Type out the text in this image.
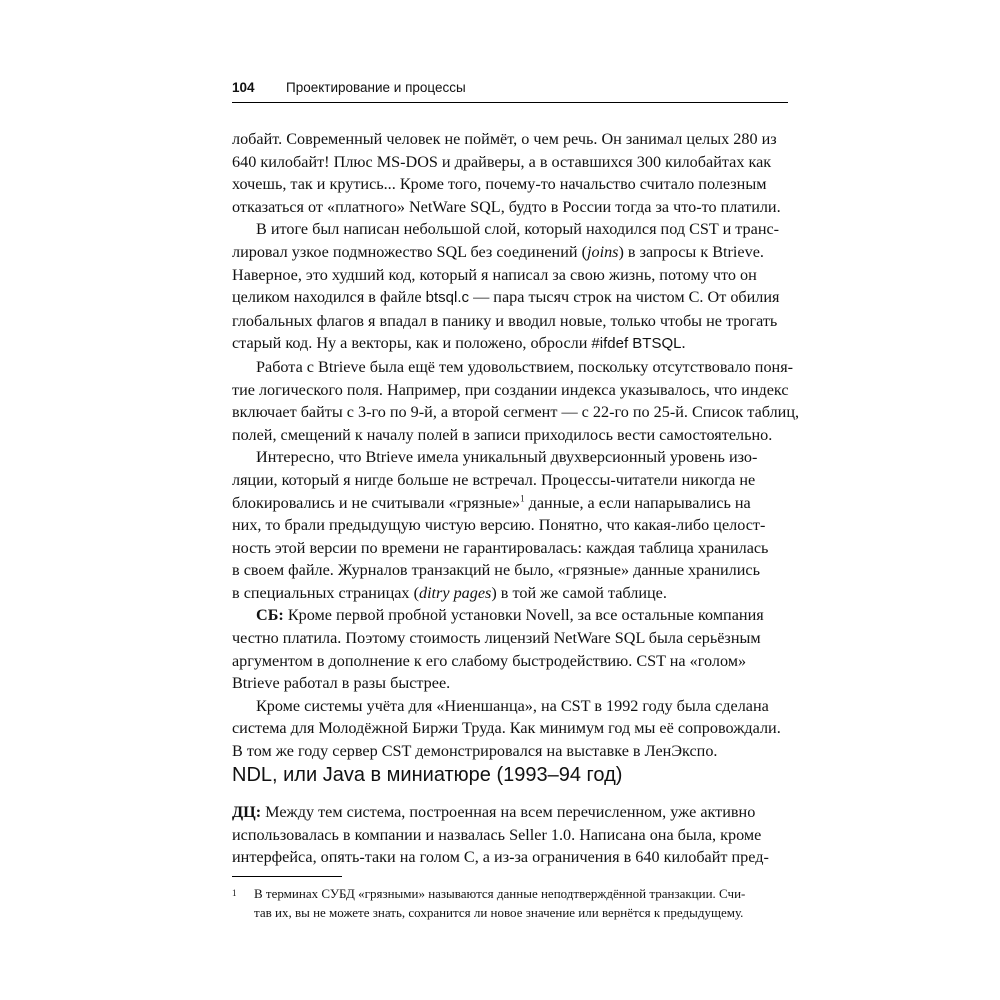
104 Проектирование и процессы
лобайт. Современный человек не поймёт, о чем речь. Он занимал целых 280 из
640 килобайт! Плюс MS-DOS и драйверы, а в оставшихся 300 килобайтах как
хочешь, так и крутись... Кроме того, почему-то начальство считало полезным
отказаться от «платного» NetWare SQL, будто в России тогда за что-то платили.
В итоге был написан небольшой слой, который находился под CST и транс-
лировал узкое подмножество SQL без соединений (joins) в запросы к Btrieve.
Наверное, это худший код, который я написал за свою жизнь, потому что он
целиком находился в файле btsql.c — пара тысяч строк на чистом C. От обилия
глобальных флагов я впадал в панику и вводил новые, только чтобы не трогать
старый код. Ну а векторы, как и положено, обросли #ifdef BTSQL.
Работа с Btrieve была ещё тем удовольствием, поскольку отсутствовало поня-
тие логического поля. Например, при создании индекса указывалось, что индекс
включает байты с 3-го по 9-й, а второй сегмент — с 22-го по 25-й. Список таблиц,
полей, смещений к началу полей в записи приходилось вести самостоятельно.
Интересно, что Btrieve имела уникальный двухверсионный уровень изо-
ляции, который я нигде больше не встречал. Процессы-читатели никогда не
блокировались и не считывали «грязные»$^1$ данные, а если напарывались на
них, то брали предыдущую чистую версию. Понятно, что какая-либо целост-
ность этой версии по времени не гарантировалась: каждая таблица хранилась
в своем файле. Журналов транзакций не было, «грязные» данные хранились
в специальных страницах (ditry pages) в той же самой таблице.
СБ: Кроме первой пробной установки Novell, за все остальные компания
честно платила. Поэтому стоимость лицензий NetWare SQL была серьёзным
аргументом в дополнение к его слабому быстродействию. CST на «голом»
Btrieve работал в разы быстрее.
Кроме системы учёта для «Ниеншанца», на CST в 1992 году была сделана
система для Молодёжной Биржи Труда. Как минимум год мы её сопровождали.
В том же году сервер CST демонстрировался на выставке в ЛенЭкспо.
NDL, или Java в миниатюре (1993–94 год)
ДЦ: Между тем система, построенная на всем перечисленном, уже активно
использовалась в компании и назвалась Seller 1.0. Написана она была, кроме
интерфейса, опять-таки на голом C, а из-за ограничения в 640 килобайт пред-
1 В терминах СУБД «грязными» называются данные неподтверждённой транзакции. Счи-
тав их, вы не можете знать, сохранится ли новое значение или вернётся к предыдущему.
